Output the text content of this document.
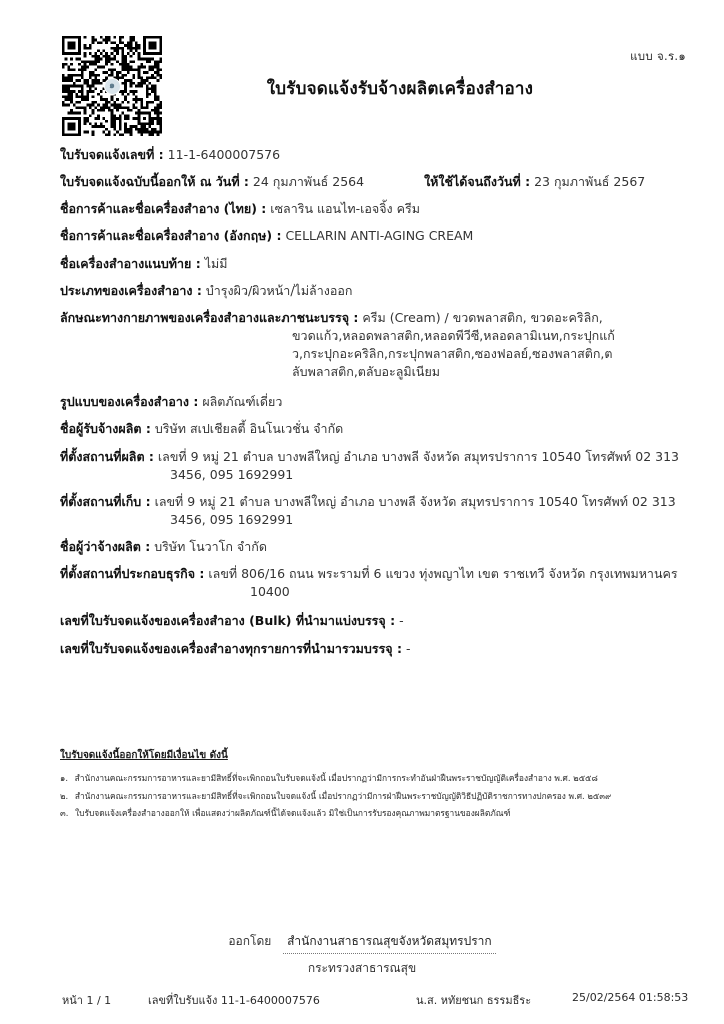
แบบ จ.ร.๑
๑	ใบรับจดแจ้งรับจ้างผลิตเครื่องสำอาง
ใบรับจดแจ้งเลขที่ : 11-1-6400007576
ใบรับจดแจ้งฉบับนี้ออกให้ ณ วันที่ : 24 กุมภาพันธ์ 2564	ให้ใช้ได้จนถึงวันที่ : 23 กุมภาพันธ์ 2567
ชื่อการค้าและชื่อเครื่องสำอาง (ไทย) : เซลาริน แอนไท-เอจจิ้ง ครีม
ชื่อการค้าและชื่อเครื่องสำอาง (อังกฤษ) : CELLARIN ANTI-AGING CREAM
ชื่อเครื่องสำอางแนบท้าย : ไม่มี
ประเภทของเครื่องสำอาง : บำรุงผิว/ผิวหน้า/ไม่ล้างออก
ลักษณะทางกายภาพของเครื่องสำอางและภาชนะบรรจุ : ครีม (Cream) / ขวดพลาสติก, ขวดอะคริลิก,
ขวดแก้ว,หลอดพลาสติก,หลอดพีวีซี,หลอดลามิเนท,กระปุกแก้
ว,กระปุกอะคริลิก,กระปุกพลาสติก,ซองฟอลย์,ซองพลาสติก,ต
ลับพลาสติก,ตลับอะลูมิเนียม
รูปแบบของเครื่องสำอาง : ผลิตภัณฑ์เดี่ยว
ชื่อผู้รับจ้างผลิต : บริษัท สเปเชียลตี้ อินโนเวชั่น จำกัด
ที่ตั้งสถานที่ผลิต : เลขที่ 9 หมู่ 21 ตำบล บางพลีใหญ่ อำเภอ บางพลี จังหวัด สมุทรปราการ 10540 โทรศัพท์ 02 313
3456, 095 1692991
ที่ตั้งสถานที่เก็บ : เลขที่ 9 หมู่ 21 ตำบล บางพลีใหญ่ อำเภอ บางพลี จังหวัด สมุทรปราการ 10540 โทรศัพท์ 02 313
3456, 095 1692991
ชื่อผู้ว่าจ้างผลิต : บริษัท โนวาโก จำกัด
ที่ตั้งสถานที่ประกอบธุรกิจ : เลขที่ 806/16 ถนน พระรามที่ 6 แขวง ทุ่งพญาไท เขต ราชเทวี จังหวัด กรุงเทพมหานคร
10400
เลขที่ใบรับจดแจ้งของเครื่องสำอาง (Bulk) ที่นำมาแบ่งบรรจุ : -
เลขที่ใบรับจดแจ้งของเครื่องสำอางทุกรายการที่นำมารวมบรรจุ : -
ใบรับจดแจ้งนี้ออกให้โดยมีเงื่อนไข ดังนี้
๑. สำนักงานคณะกรรมการอาหารและยามีสิทธิ์ที่จะเพิกถอนใบรับจดแจ้งนี้ เมื่อปรากฏว่ามีการกระทำอันฝ่าฝืนพระราชบัญญัติเครื่องสำอาง พ.ศ. ๒๕๕๘
๒. สำนักงานคณะกรรมการอาหารและยามีสิทธิ์ที่จะเพิกถอนใบจดแจ้งนี้ เมื่อปรากฏว่ามีการฝ่าฝืนพระราชบัญญัติวิธีปฏิบัติราชการทางปกครอง พ.ศ. ๒๕๓๙
๓. ใบรับจดแจ้งเครื่องสำอางออกให้ เพื่อแสดงว่าผลิตภัณฑ์นี้ได้จดแจ้งแล้ว มิใช่เป็นการรับรองคุณภาพมาตรฐานของผลิตภัณฑ์
ออกโดย สำนักงานสาธารณสุขจังหวัดสมุทรปราก
กระทรวงสาธารณสุข
หน้า 1 / 1	เลขที่ใบรับแจ้ง 11-1-6400007576	น.ส. หทัยชนก ธรรมธีระ	25/02/2564 01:58:53
